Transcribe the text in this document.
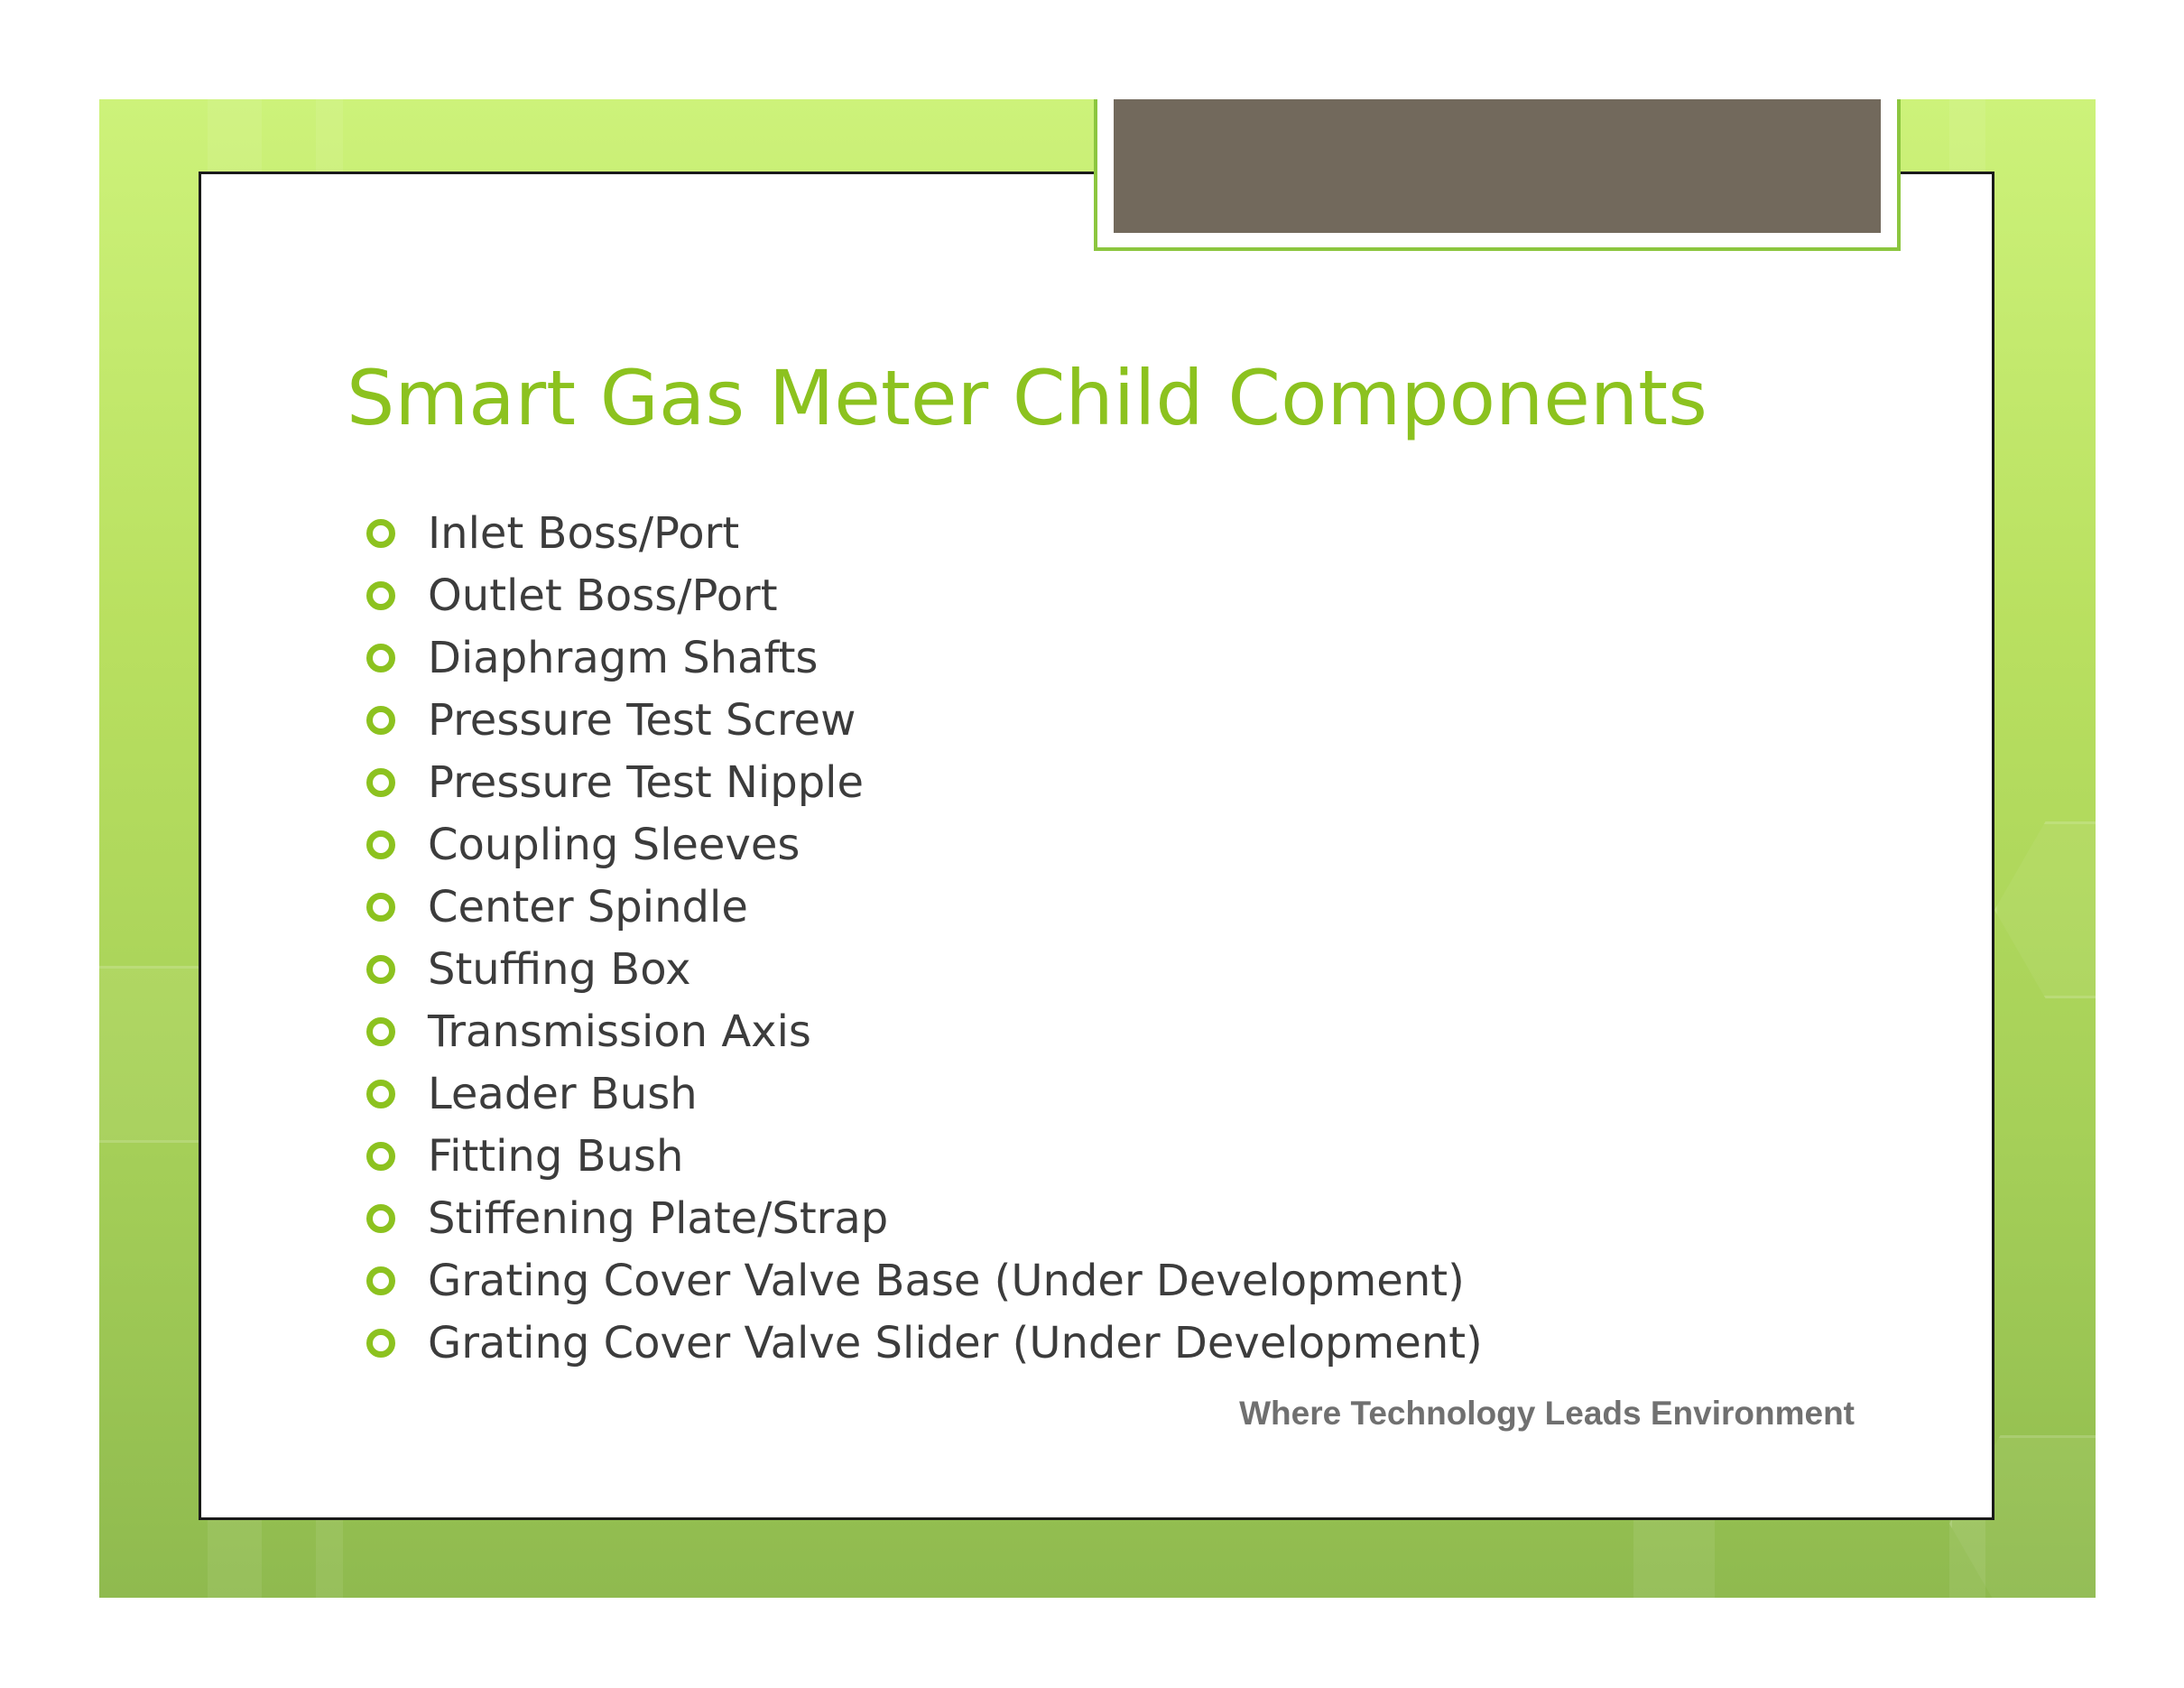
Smart Gas Meter Child Components
Inlet Boss/Port
Outlet Boss/Port
Diaphragm Shafts
Pressure Test Screw
Pressure Test Nipple
Coupling Sleeves
Center Spindle
Stuffing Box
Transmission Axis
Leader Bush
Fitting Bush
Stiffening Plate/Strap
Grating Cover Valve Base (Under Development)
Grating Cover Valve Slider (Under Development)
Where Technology Leads Environment
